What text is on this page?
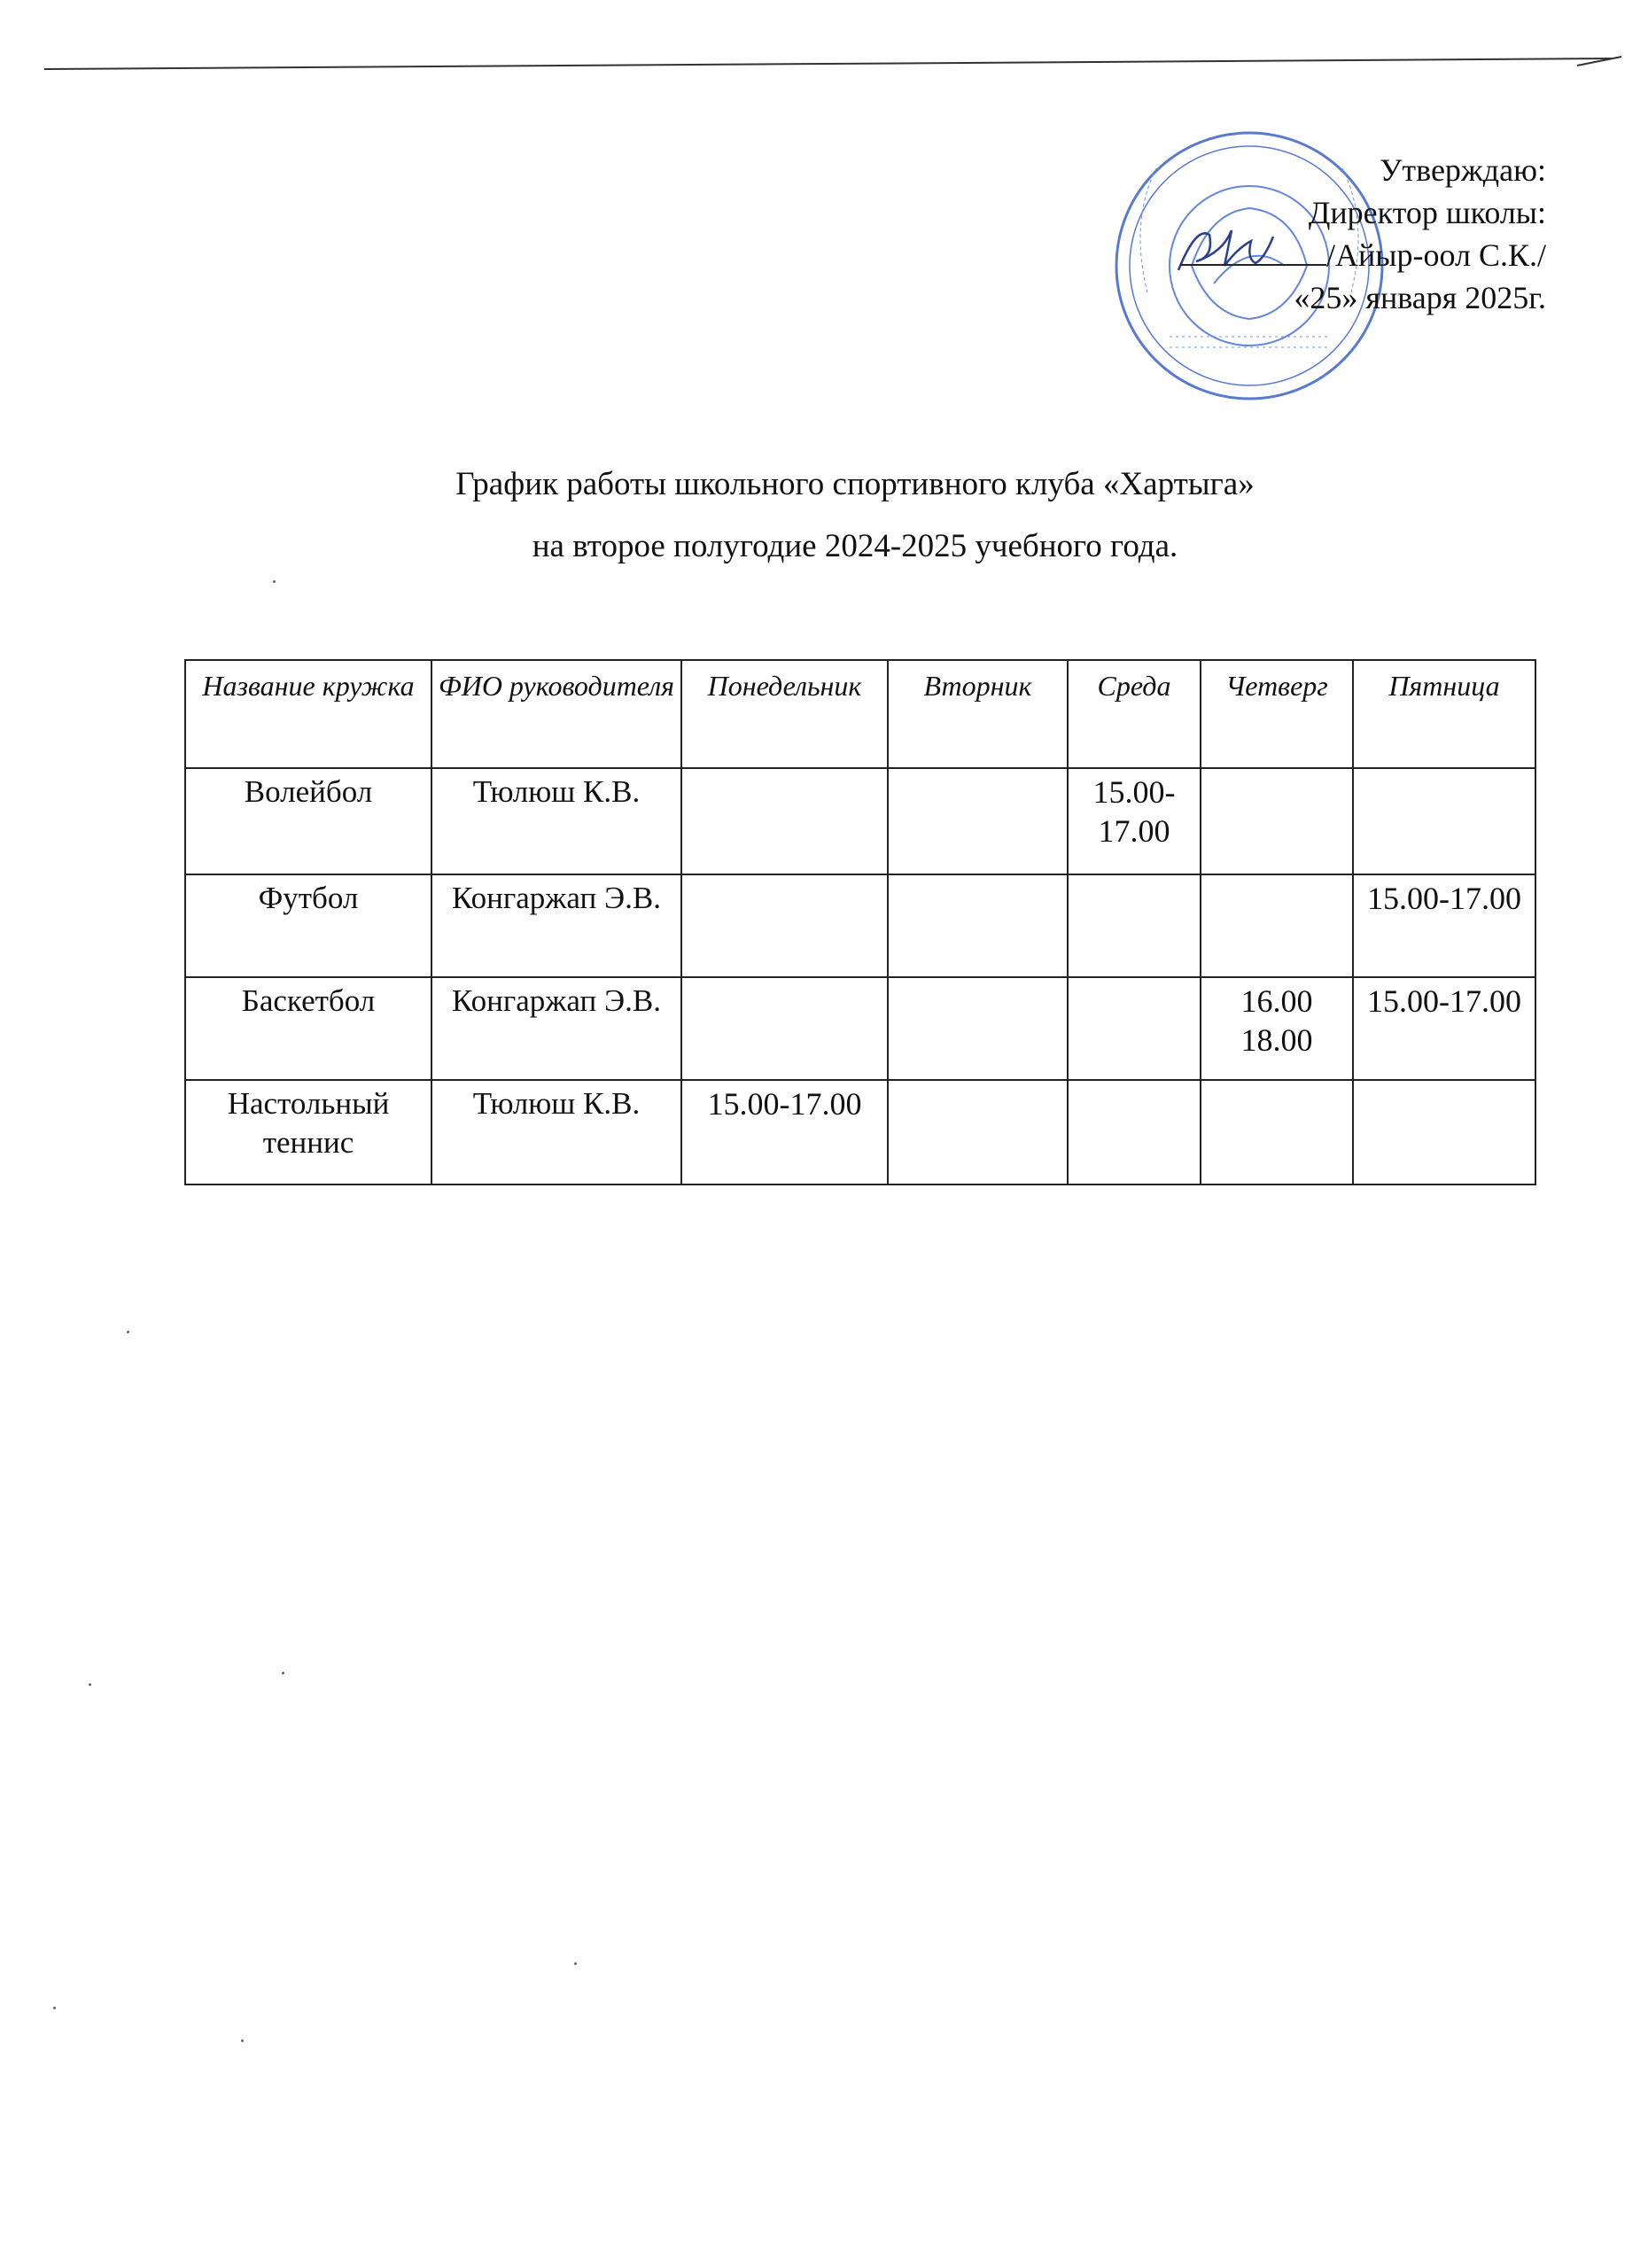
Утверждаю:
Директор школы:
/Айыр-оол С.К./
«25» января 2025г.
График работы школьного спортивного клуба «Хартыга»
на второе полугодие 2024-2025 учебного года.
Название кружка	ФИО руководителя	Понедельник	Вторник	Среда	Четверг	Пятница
Волейбол	Тюлюш К.В.			15.00-17.00		
Футбол	Конгаржап Э.В.					15.00-17.00
Баскетбол	Конгаржап Э.В.				16.00 18.00	15.00-17.00
Настольный теннис	Тюлюш К.В.	15.00-17.00				
